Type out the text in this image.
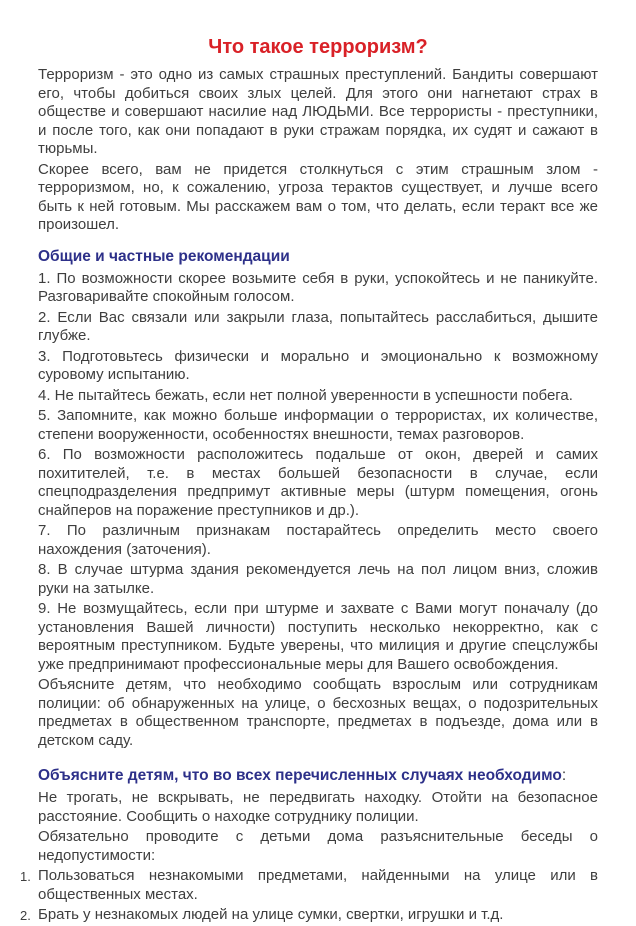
Что такое терроризм?

Терроризм - это одно из самых страшных преступлений. Бандиты совершают его, чтобы добиться своих злых целей. Для этого они нагнетают страх в обществе и совершают насилие над ЛЮДЬМИ. Все террористы - преступники, и после того, как они попадают в руки стражам порядка, их судят и сажают в тюрьмы.

Скорее всего, вам не придется столкнуться с этим страшным злом - терроризмом, но, к сожалению, угроза терактов существует, и лучше всего быть к ней готовым. Мы расскажем вам о том, что делать, если теракт все же произошел.

Общие и частные рекомендации

1. По возможности скорее возьмите себя в руки, успокойтесь и не паникуйте. Разговаривайте спокойным голосом.

2. Если Вас связали или закрыли глаза, попытайтесь расслабиться, дышите глубже.

3. Подготовьтесь физически и морально и эмоционально к возможному суровому испытанию.

4. Не пытайтесь бежать, если нет полной уверенности в успешности побега.

5. Запомните, как можно больше информации о террористах, их количестве, степени вооруженности, особенностях внешности, темах разговоров.

6. По возможности расположитесь подальше от окон, дверей и самих похитителей, т.е. в местах большей безопасности в случае, если спецподразделения предпримут активные меры (штурм помещения, огонь снайперов на поражение преступников и др.).

7. По различным признакам постарайтесь определить место своего нахождения (заточения).

8. В случае штурма здания рекомендуется лечь на пол лицом вниз, сложив руки на затылке.

9. Не возмущайтесь, если при штурме и захвате с Вами могут поначалу (до установления Вашей личности) поступить несколько некорректно, как с вероятным преступником. Будьте уверены, что милиция и другие спецслужбы уже предпринимают профессиональные меры для Вашего освобождения.

Объясните детям, что необходимо сообщать взрослым или сотрудникам полиции: об обнаруженных на улице, о бесхозных вещах, о подозрительных предметах в общественном транспорте, предметах в подъезде, дома или в детском саду.

Объясните детям, что во всех перечисленных случаях необходимо:

Не трогать, не вскрывать, не передвигать находку. Отойти на безопасное расстояние. Сообщить о находке сотруднику полиции.

Обязательно проводите с детьми дома разъяснительные беседы о недопустимости:

1. Пользоваться незнакомыми предметами, найденными на улице или в общественных местах.

2. Брать у незнакомых людей на улице сумки, свертки, игрушки и т.д.
